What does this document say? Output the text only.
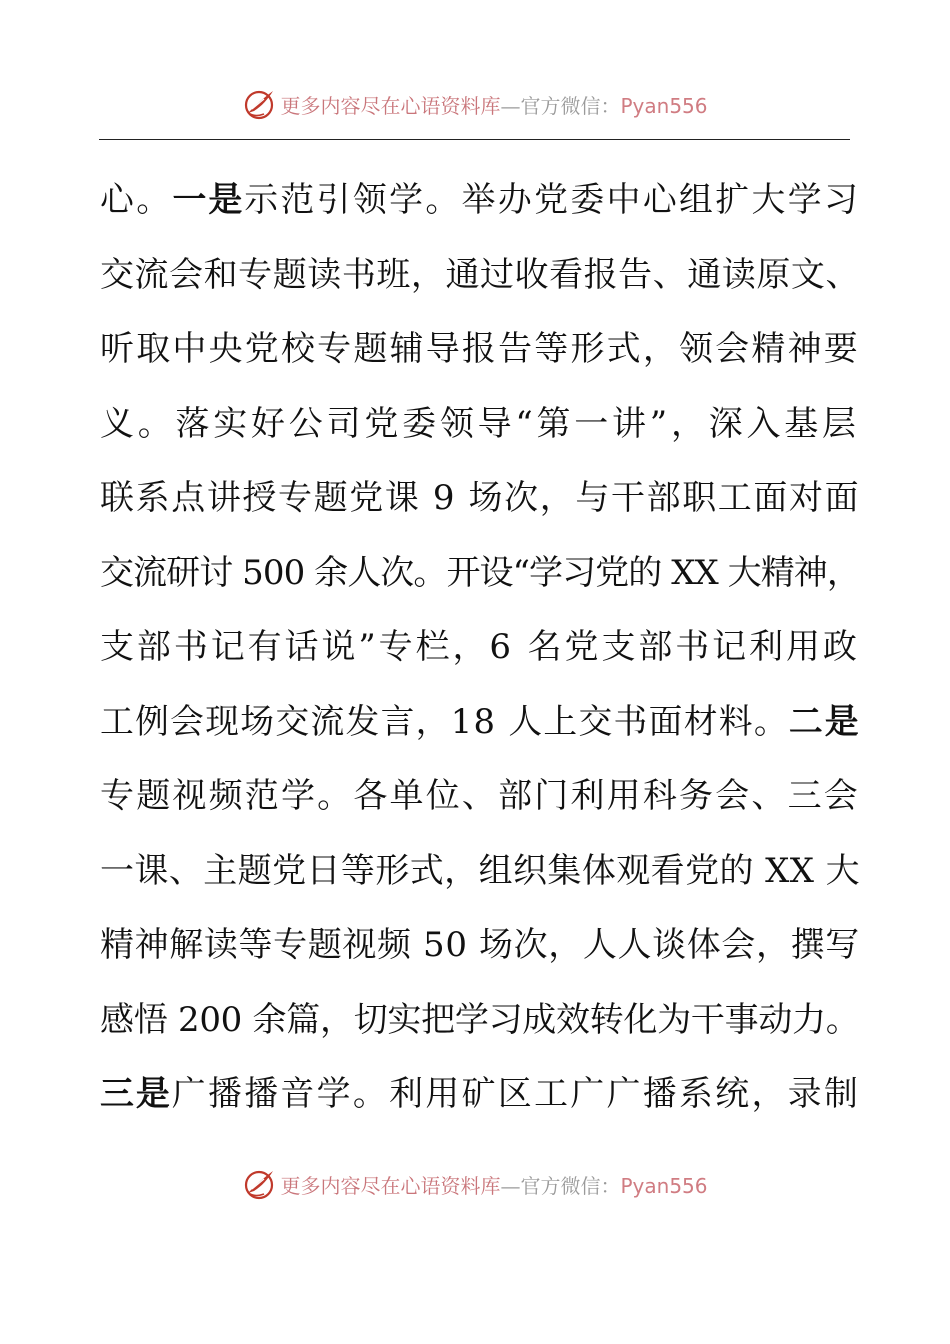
更多内容尽在心语资料库—官方微信：Pyan556
心。一是示范引领学。举办党委中心组扩大学习
交流会和专题读书班，通过收看报告、通读原文、
听取中央党校专题辅导报告等形式，领会精神要
义。落实好公司党委领导“第一讲”，深入基层
联系点讲授专题党课 9 场次，与干部职工面对面
交流研讨 500 余人次。开设“学习党的 XX 大精神，
支部书记有话说”专栏，6 名党支部书记利用政
工例会现场交流发言，18 人上交书面材料。二是
专题视频范学。各单位、部门利用科务会、三会
一课、主题党日等形式，组织集体观看党的 XX 大
精神解读等专题视频 50 场次，人人谈体会，撰写
感悟 200 余篇，切实把学习成效转化为干事动力。
三是广播播音学。利用矿区工广广播系统，录制
更多内容尽在心语资料库—官方微信：Pyan556
